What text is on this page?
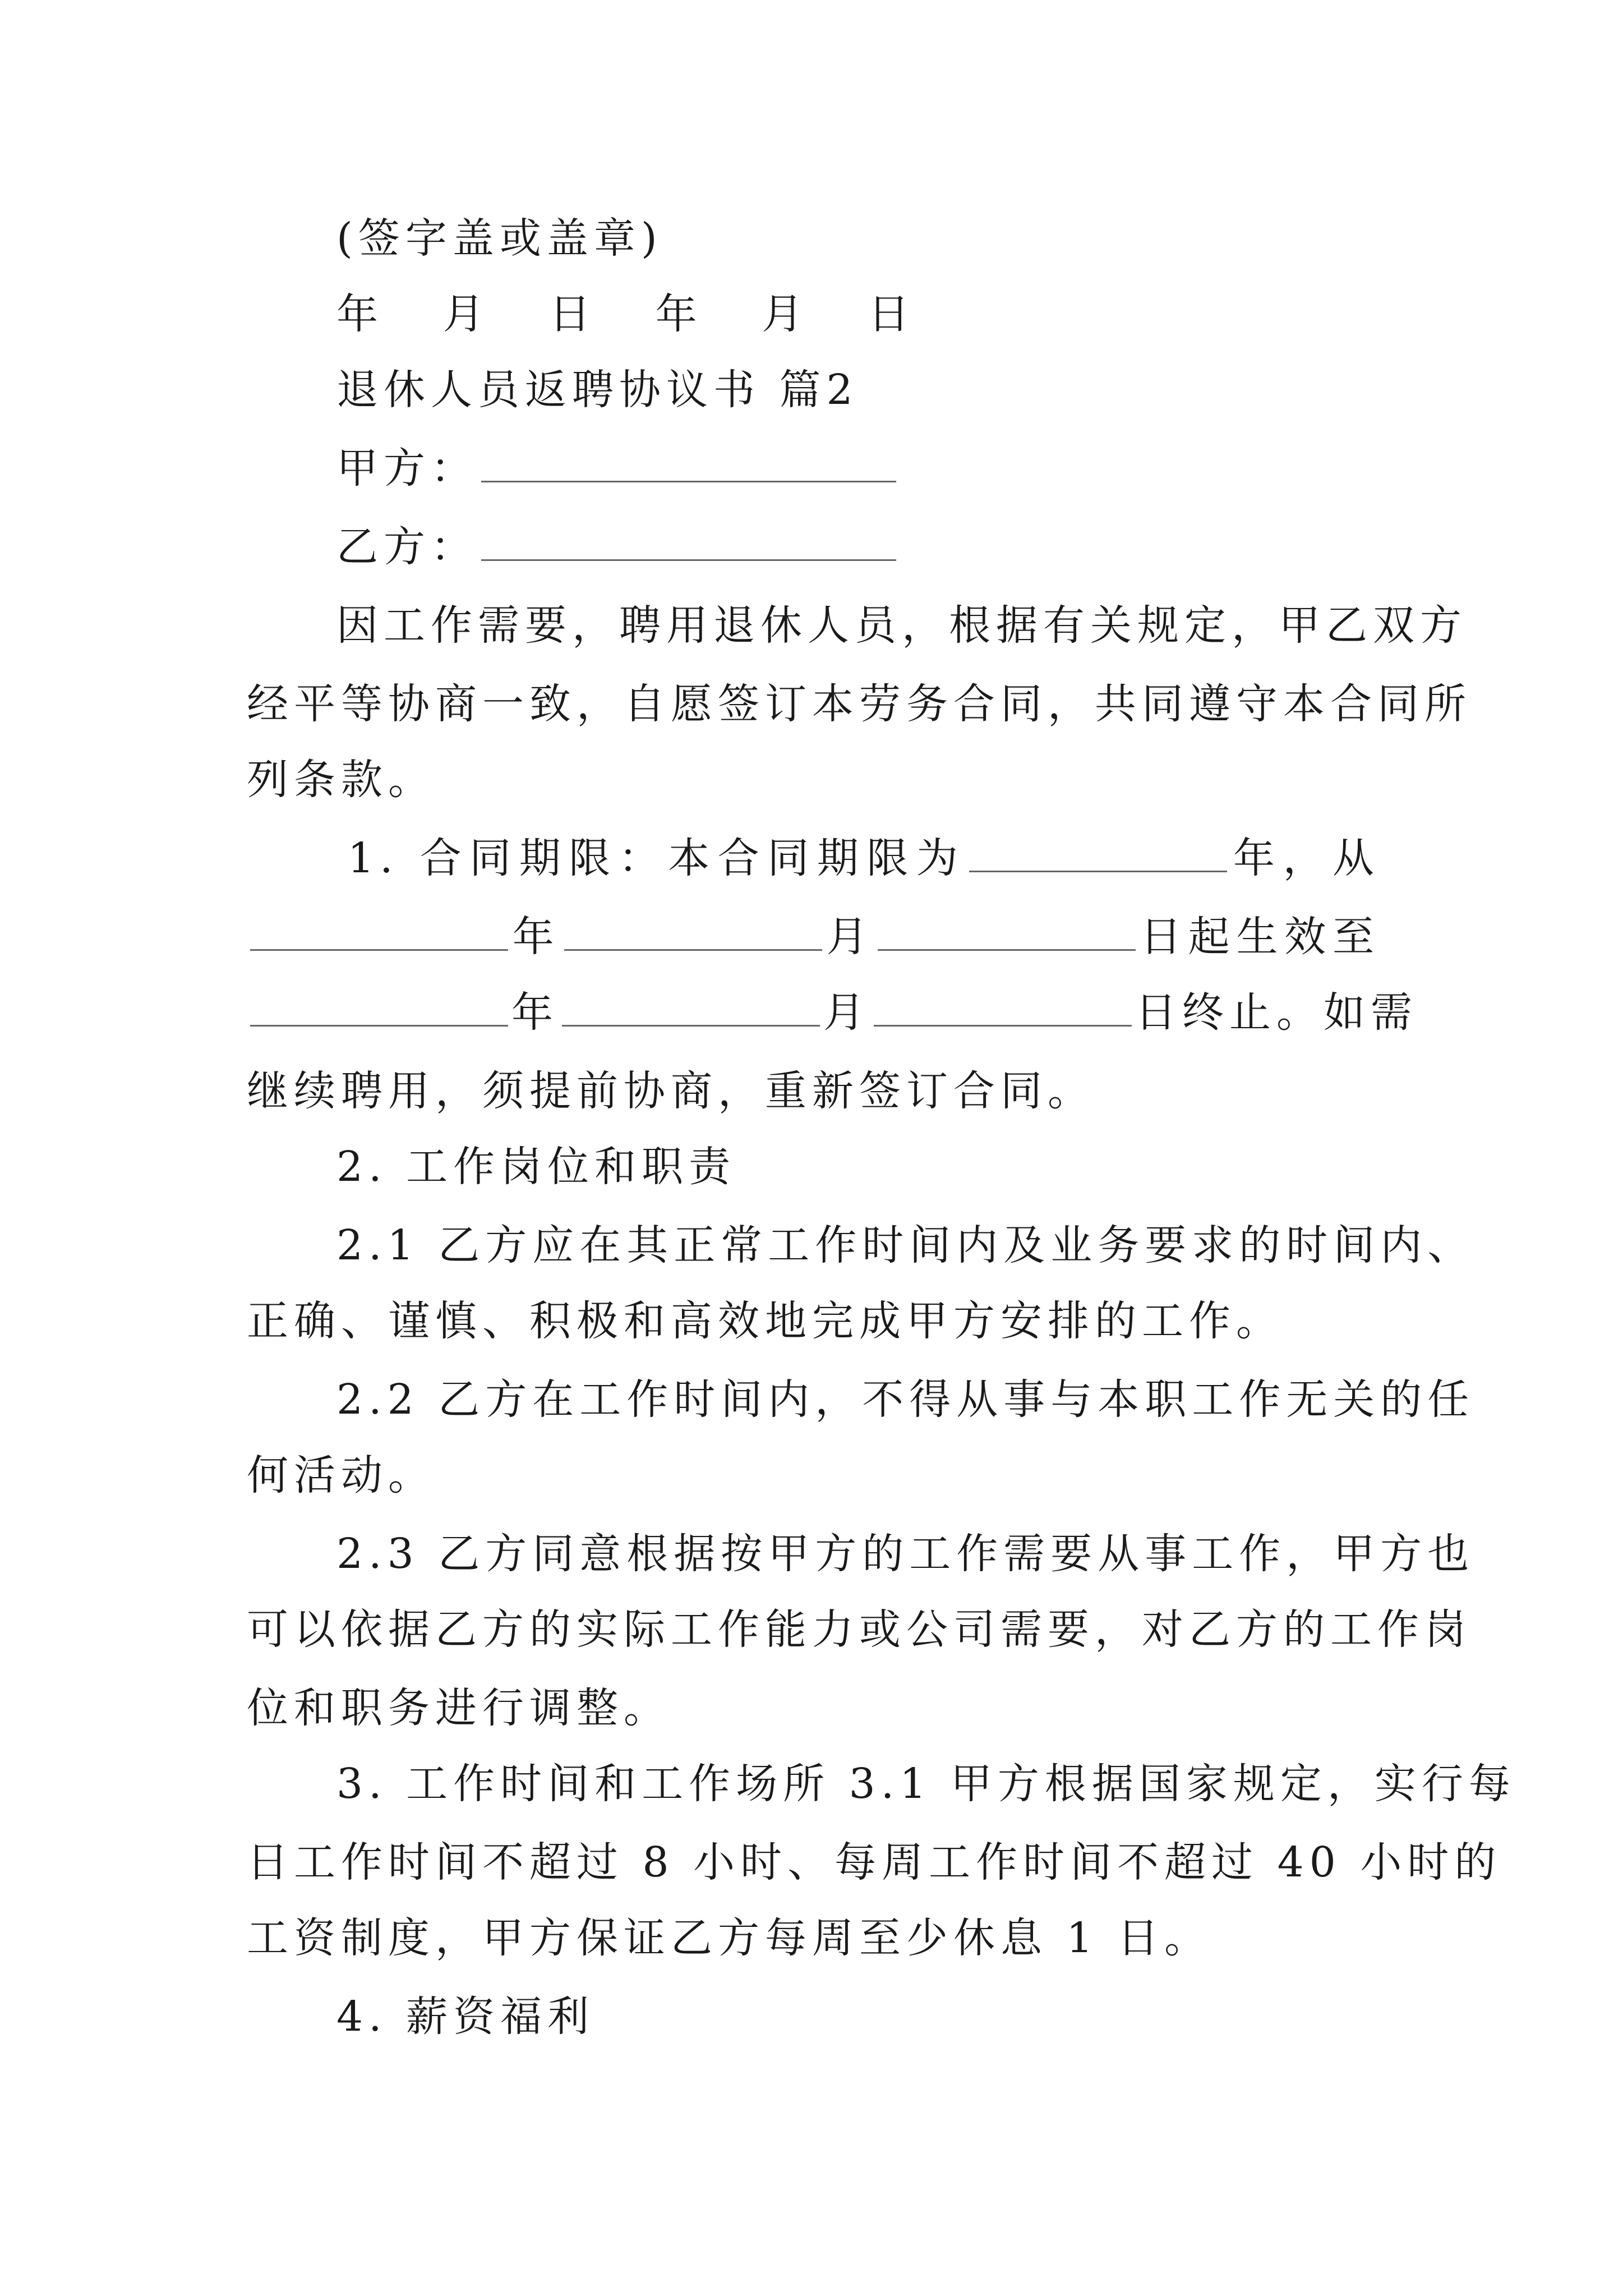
(签字盖或盖章)
年 月 日 年 月 日
退休人员返聘协议书 篇2
甲方：
乙方：
因工作需要，聘用退休人员，根据有关规定，甲乙双方
经平等协商一致，自愿签订本劳务合同，共同遵守本合同所
列条款。
1. 合同期限：本合同期限为	年，从
年	月	日起生效至
年	月	日终止。如需
继续聘用，须提前协商，重新签订合同。
2. 工作岗位和职责
2.1 乙方应在其正常工作时间内及业务要求的时间内、
正确、谨慎、积极和高效地完成甲方安排的工作。
2.2 乙方在工作时间内，不得从事与本职工作无关的任
何活动。
2.3 乙方同意根据按甲方的工作需要从事工作，甲方也
可以依据乙方的实际工作能力或公司需要，对乙方的工作岗
位和职务进行调整。
3. 工作时间和工作场所 3.1 甲方根据国家规定，实行每
日工作时间不超过 8 小时、每周工作时间不超过 40 小时的
工资制度，甲方保证乙方每周至少休息 1 日。
4. 薪资福利
